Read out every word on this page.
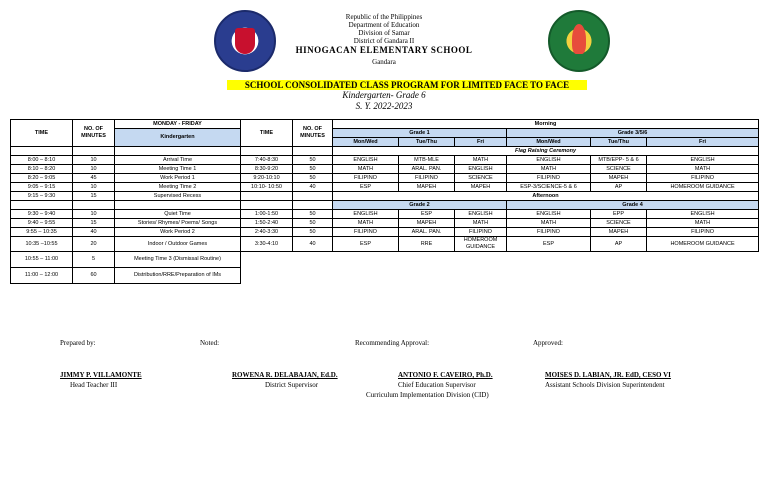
Republic of the Philippines
Department of Education
Division of Samar
District of Gandara II
HINOGACAN ELEMENTARY SCHOOL
Gandara
SCHOOL CONSOLIDATED CLASS PROGRAM FOR LIMITED FACE TO FACE
Kindergarten- Grade 6
S. Y. 2022-2023
TIME	NO. OF MINUTES	MONDAY - FRIDAY	TIME	NO. OF MINUTES	Morning					
		Kindergarten			Grade 1			Grade 3/5/6		
					Mon/Wed	Tue/Thu	Fri	Mon/Wed	Tue/Thu	Fri
					Flag Raising Ceremony					
8:00 – 8:10	10	Arrival Time	7:40-8:30	50	ENGLISH	MTB-MLE	MATH	ENGLISH	MTB/EPP- 5 & 6	ENGLISH
8:10 – 8:20	10	Meeting Time 1	8:30-9:20	50	MATH	ARAL. PAN.	ENGLISH	MATH	SCIENCE	MATH
8:20 – 9:05	45	Work Period 1	9:20-10:10	50	FILIPINO	FILIPINO	SCIENCE	FILIPINO	MAPEH	FILIPINO
9:05 – 9:15	10	Meeting Time 2	10:10- 10:50	40	ESP	MAPEH	MAPEH	ESP-3/SCIENCE-5 & 6	AP	HOMEROOM GUIDANCE
9:15 – 9:30	15	Supervised Recess			Afternoon					
					Grade 2			Grade 4		
9:30 – 9:40	10	Quiet Time	1:00-1:50	50	ENGLISH	ESP	ENGLISH	ENGLISH	EPP	ENGLISH
9:40 – 9:55	15	Stories/ Rhymes/ Poems/ Songs	1:50-2:40	50	MATH	MAPEH	MATH	MATH	SCIENCE	MATH
9:55 – 10:35	40	Work Period 2	2:40-3:30	50	FILIPINO	ARAL. PAN.	FILIPINO	FILIPINO	MAPEH	FILIPINO
10:35 –10:55	20	Indoor / Outdoor Games	3:30-4:10	40	ESP	RRE	HOMEROOM GUIDANCE	ESP	AP	HOMEROOM GUIDANCE
10:55 – 11:00	5	Meeting Time 3 (Dismissal Routine)								
11:00 – 12:00	60	Distribution/RRE/Preparation of IMs								
Prepared by:	Noted:	Recommending Approval:	Approved:
JIMMY P. VILLAMONTE
Head Teacher III
ROWENA R. DELABAJAN, Ed.D.
District Supervisor
ANTONIO F. CAVEIRO, Ph.D.
Chief Education Supervisor
Curriculum Implementation Division (CID)
MOISES D. LABIAN, JR. EdD, CESO VI
Assistant Schools Division Superintendent
